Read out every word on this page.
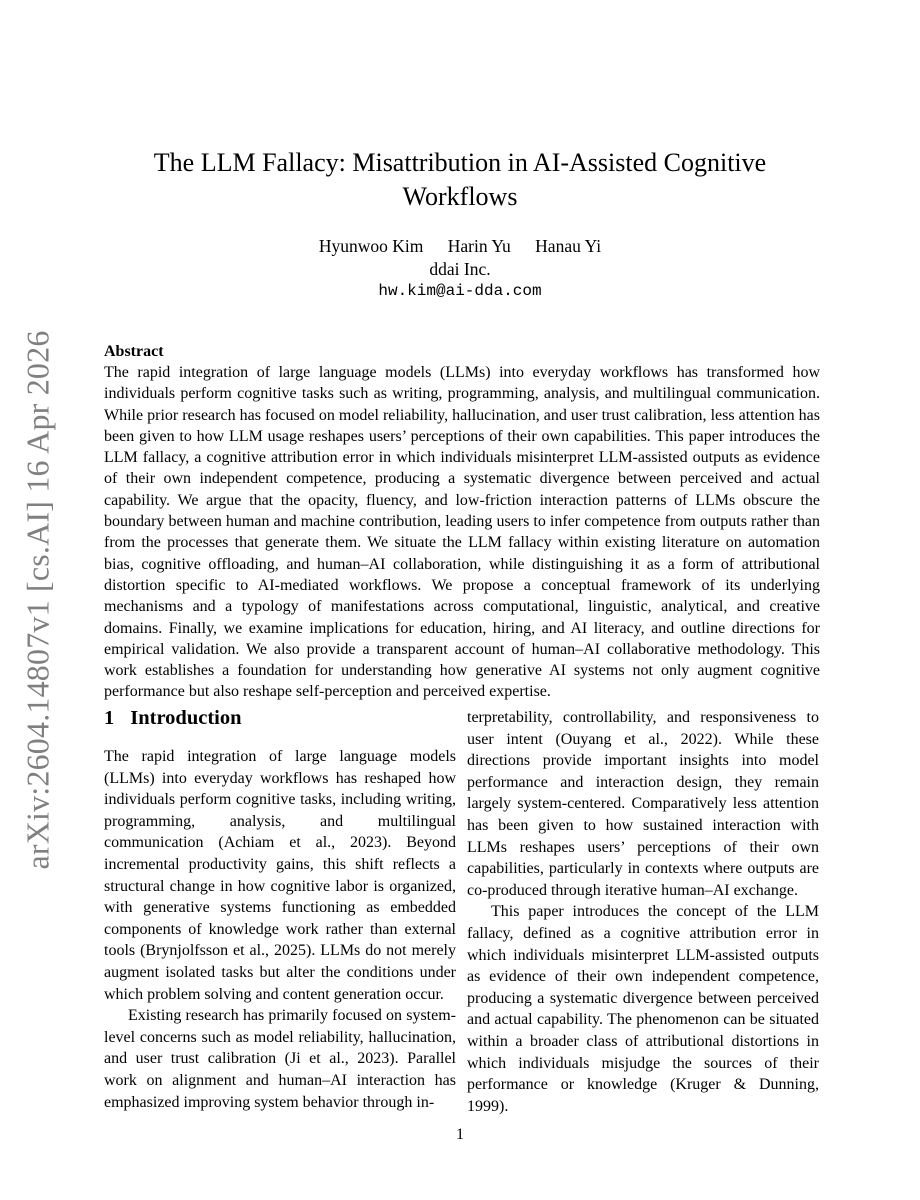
arXiv:2604.14807v1 [cs.AI] 16 Apr 2026
The LLM Fallacy: Misattribution in AI-Assisted Cognitive
Workflows
Hyunwoo Kim Harin Yu Hanau Yi
ddai Inc.
hw.kim@ai-dda.com
Abstract

The rapid integration of large language models (LLMs) into everyday workflows has transformed how individuals perform cognitive tasks such as writing, programming, analysis, and multilingual communication. While prior research has focused on model reliability, hallucination, and user trust calibration, less attention has been given to how LLM usage reshapes users’ perceptions of their own capabilities. This paper introduces the LLM fallacy, a cognitive attribution error in which individuals misinterpret LLM-assisted outputs as evidence of their own independent competence, producing a systematic divergence between perceived and actual capability. We argue that the opacity, fluency, and low-friction interaction patterns of LLMs obscure the boundary between human and machine contribution, leading users to infer competence from outputs rather than from the processes that generate them. We situate the LLM fallacy within existing literature on automation bias, cognitive offloading, and human–AI collaboration, while distinguishing it as a form of attributional distortion specific to AI-mediated workflows. We propose a conceptual framework of its underlying mechanisms and a typology of manifestations across computational, linguistic, analytical, and creative domains. Finally, we examine implications for education, hiring, and AI literacy, and outline directions for empirical validation. We also provide a transparent account of human–AI collaborative methodology. This work establishes a foundation for understanding how generative AI systems not only augment cognitive performance but also reshape self-perception and perceived expertise.

1 Introduction

The rapid integration of large language models (LLMs) into everyday workflows has reshaped how individuals perform cognitive tasks, including writing, programming, analysis, and multilingual communication (Achiam et al., 2023). Beyond incremental productivity gains, this shift reflects a structural change in how cognitive labor is organized, with generative systems functioning as embedded components of knowledge work rather than external tools (Brynjolfsson et al., 2025). LLMs do not merely augment isolated tasks but alter the conditions under which problem solving and content generation occur.

Existing research has primarily focused on system-level concerns such as model reliability, hallucination, and user trust calibration (Ji et al., 2023). Parallel work on alignment and human–AI interaction has emphasized improving system behavior through in-

terpretability, controllability, and responsiveness to user intent (Ouyang et al., 2022). While these directions provide important insights into model performance and interaction design, they remain largely system-centered. Comparatively less attention has been given to how sustained interaction with LLMs reshapes users’ perceptions of their own capabilities, particularly in contexts where outputs are co-produced through iterative human–AI exchange.

This paper introduces the concept of the LLM fallacy, defined as a cognitive attribution error in which individuals misinterpret LLM-assisted outputs as evidence of their own independent competence, producing a systematic divergence between perceived and actual capability. The phenomenon can be situated within a broader class of attributional distortions in which individuals misjudge the sources of their performance or knowledge (Kruger & Dunning, 1999).

1
